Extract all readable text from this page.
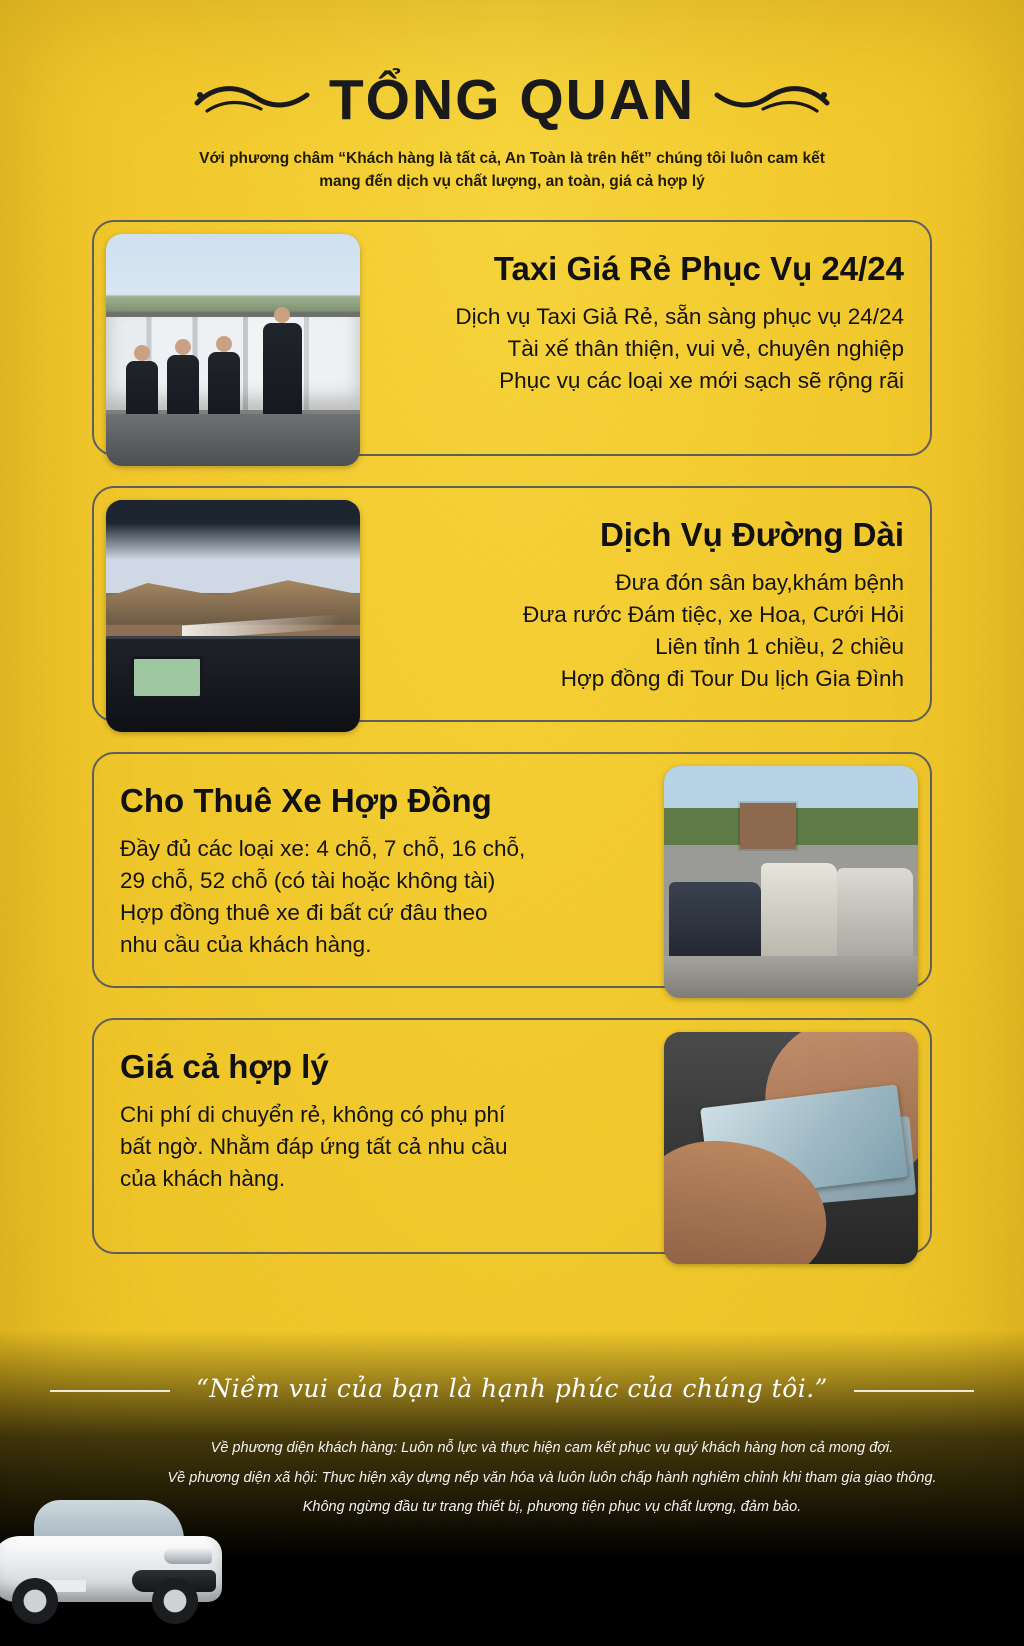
TỔNG QUAN
Với phương châm “Khách hàng là tất cả, An Toàn là trên hết” chúng tôi luôn cam kết
mang đến dịch vụ chất lượng, an toàn, giá cả hợp lý
Taxi Giá Rẻ Phục Vụ 24/24

Dịch vụ Taxi Giả Rẻ, sẵn sàng phục vụ 24/24
Tài xế thân thiện, vui vẻ, chuyên nghiệp
Phục vụ các loại xe mới sạch sẽ rộng rãi

Dịch Vụ Đường Dài

Đưa đón sân bay,khám bệnh
Đưa rước Đám tiệc, xe Hoa, Cưới Hỏi
Liên tỉnh 1 chiều, 2 chiều
Hợp đồng đi Tour Du lịch Gia Đình

Cho Thuê Xe Hợp Đồng

Đầy đủ các loại xe: 4 chỗ, 7 chỗ, 16 chỗ,
29 chỗ, 52 chỗ (có tài hoặc không tài)
Hợp đồng thuê xe đi bất cứ đâu theo
nhu cầu của khách hàng.

Giá cả hợp lý

Chi phí di chuyển rẻ, không có phụ phí
bất ngờ. Nhằm đáp ứng tất cả nhu cầu
của khách hàng.

“Niềm vui của bạn là hạnh phúc của chúng tôi.”
Về phương diện khách hàng: Luôn nỗ lực và thực hiện cam kết phục vụ quý khách hàng hơn cả mong đợi.
Về phương diện xã hội: Thực hiện xây dựng nếp văn hóa và luôn luôn chấp hành nghiêm chỉnh khi tham gia giao thông.
Không ngừng đầu tư trang thiết bị, phương tiện phục vụ chất lượng, đảm bảo.
